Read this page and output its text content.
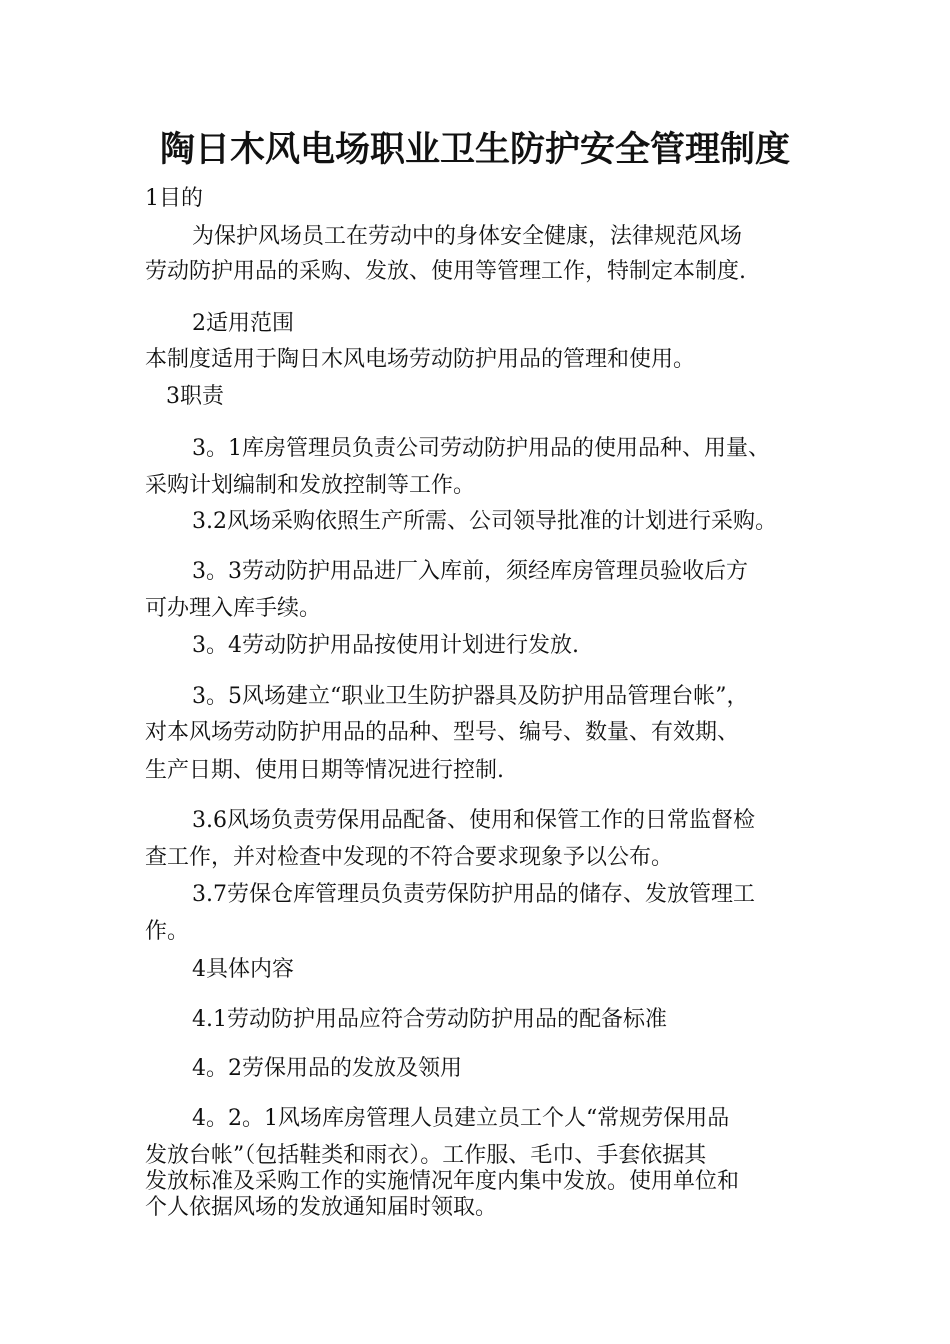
陶日木风电场职业卫生防护安全管理制度

1目的

为保护风场员工在劳动中的身体安全健康，法律规范风场

劳动防护用品的采购、发放、使用等管理工作，特制定本制度.

2适用范围

本制度适用于陶日木风电场劳动防护用品的管理和使用。

3职责

3。1库房管理员负责公司劳动防护用品的使用品种、用量、

采购计划编制和发放控制等工作。

3.2风场采购依照生产所需、公司领导批准的计划进行采购。

3。3劳动防护用品进厂入库前，须经库房管理员验收后方

可办理入库手续。

3。4劳动防护用品按使用计划进行发放.

3。5风场建立“职业卫生防护器具及防护用品管理台帐”，

对本风场劳动防护用品的品种、型号、编号、数量、有效期、

生产日期、使用日期等情况进行控制.

3.6风场负责劳保用品配备、使用和保管工作的日常监督检

查工作，并对检查中发现的不符合要求现象予以公布。

3.7劳保仓库管理员负责劳保防护用品的储存、发放管理工

作。

4具体内容

4.1劳动防护用品应符合劳动防护用品的配备标准

4。2劳保用品的发放及领用

4。2。1风场库房管理人员建立员工个人“常规劳保用品

发放台帐”（包括鞋类和雨衣）。工作服、毛巾、手套依据其

发放标准及采购工作的实施情况年度内集中发放。使用单位和

个人依据风场的发放通知届时领取。
